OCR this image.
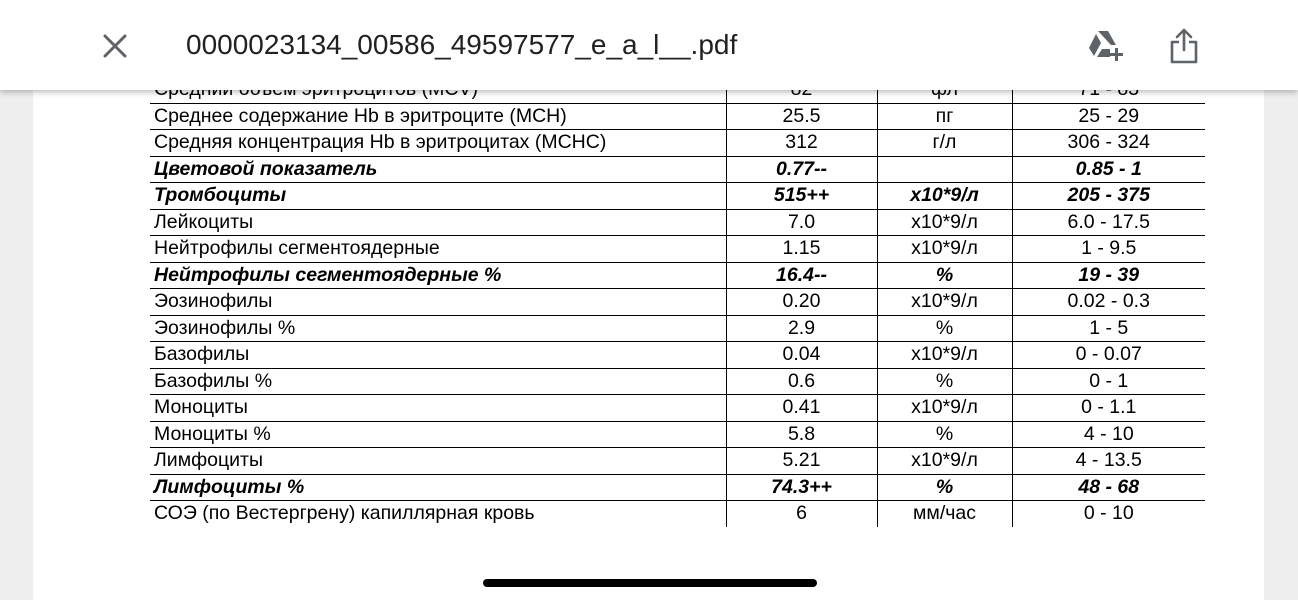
Среднее содержание Hb в эритроците (MCH)	25.5	пг	25 - 29
Средняя концентрация Hb в эритроцитах (MCHC)	312	г/л	306 - 324
Цветовой показатель	0.77--		0.85 - 1
Тромбоциты	515++	x10*9/л	205 - 375
Лейкоциты	7.0	x10*9/л	6.0 - 17.5
Нейтрофилы сегментоядерные	1.15	x10*9/л	1 - 9.5
Нейтрофилы сегментоядерные %	16.4--	%	19 - 39
Эозинофилы	0.20	x10*9/л	0.02 - 0.3
Эозинофилы %	2.9	%	1 - 5
Базофилы	0.04	x10*9/л	0 - 0.07
Базофилы %	0.6	%	0 - 1
Моноциты	0.41	x10*9/л	0 - 1.1
Моноциты %	5.8	%	4 - 10
Лимфоциты	5.21	x10*9/л	4 - 13.5
Лимфоциты %	74.3++	%	48 - 68
СОЭ (по Вестергрену) капиллярная кровь	6	мм/час	0 - 10
0000023134_00586_49597577_e_a_l__.pdf
